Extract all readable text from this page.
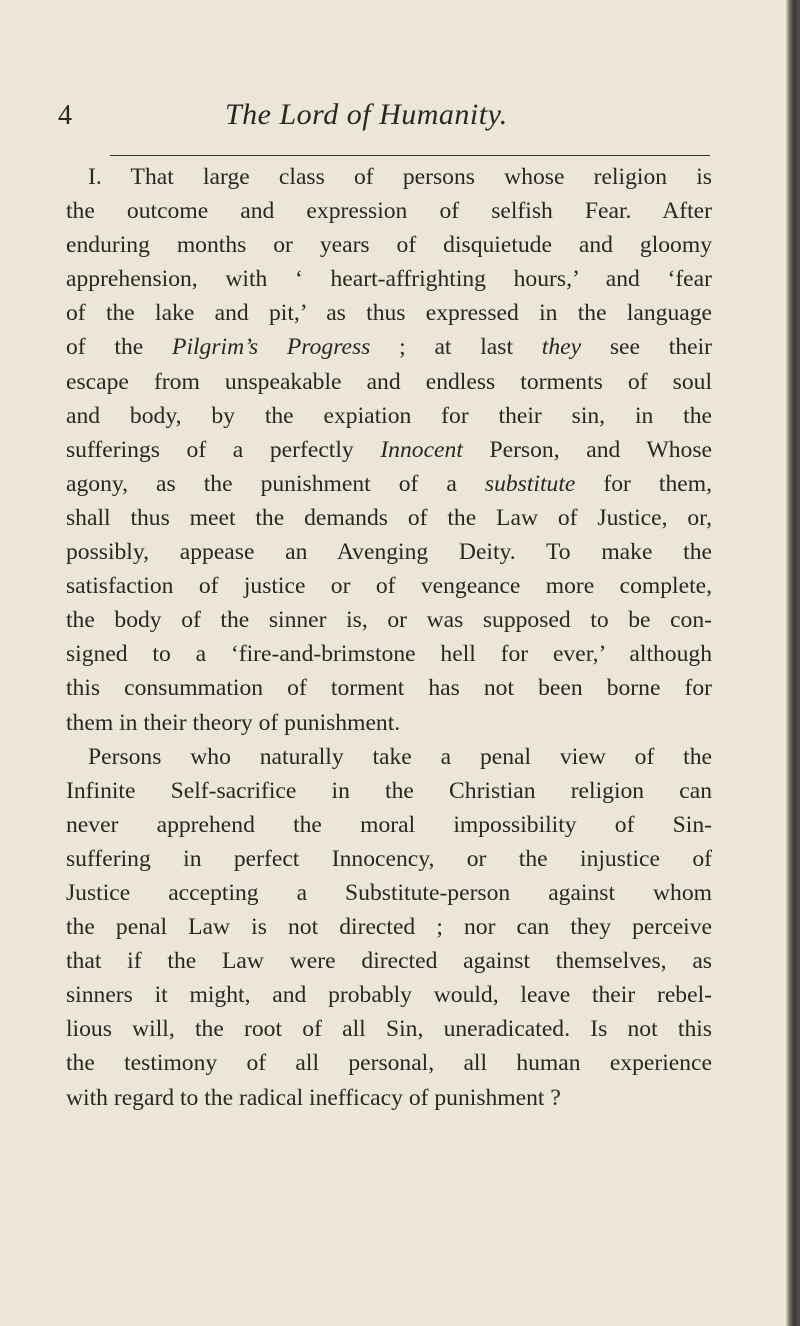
4	The Lord of Humanity.
I. That large class of persons whose religion is
the outcome and expression of selfish Fear. After
enduring months or years of disquietude and gloomy
apprehension, with ‘ heart-affrighting hours,’ and ‘fear
of the lake and pit,’ as thus expressed in the language
of the Pilgrim’s Progress ; at last they see their
escape from unspeakable and endless torments of soul
and body, by the expiation for their sin, in the
sufferings of a perfectly Innocent Person, and Whose
agony, as the punishment of a substitute for them,
shall thus meet the demands of the Law of Justice, or,
possibly, appease an Avenging Deity. To make the
satisfaction of justice or of vengeance more complete,
the body of the sinner is, or was supposed to be con-
signed to a ‘fire-and-brimstone hell for ever,’ although
this consummation of torment has not been borne for
them in their theory of punishment.
Persons who naturally take a penal view of the
Infinite Self-sacrifice in the Christian religion can
never apprehend the moral impossibility of Sin-
suffering in perfect Innocency, or the injustice of
Justice accepting a Substitute-person against whom
the penal Law is not directed ; nor can they perceive
that if the Law were directed against themselves, as
sinners it might, and probably would, leave their rebel-
lious will, the root of all Sin, uneradicated. Is not this
the testimony of all personal, all human experience
with regard to the radical inefficacy of punishment ?
